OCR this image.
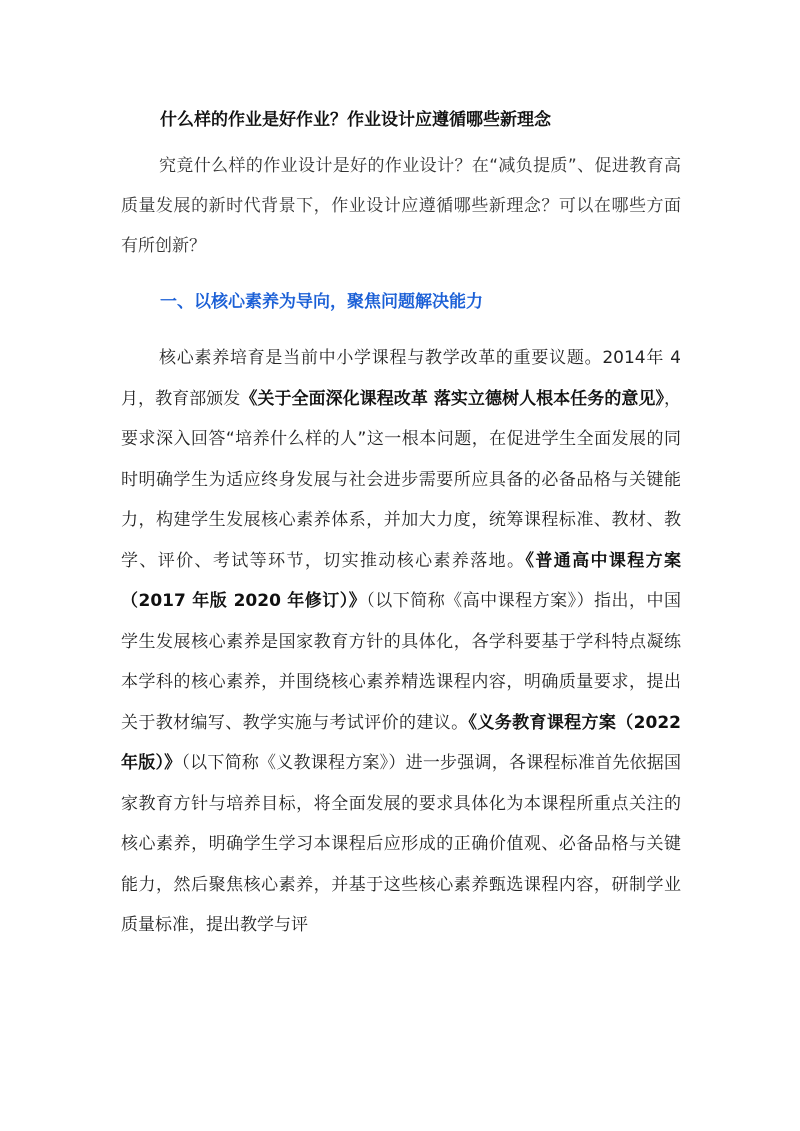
什么样的作业是好作业？作业设计应遵循哪些新理念

究竟什么样的作业设计是好的作业设计？在“减负提质”、促进教育高质量发展的新时代背景下，作业设计应遵循哪些新理念？可以在哪些方面有所创新？

一、以核心素养为导向，聚焦问题解决能力

核心素养培育是当前中小学课程与教学改革的重要议题。2014年 4 月，教育部颁发《关于全面深化课程改革 落实立德树人根本任务的意见》，要求深入回答“培养什么样的人”这一根本问题，在促进学生全面发展的同时明确学生为适应终身发展与社会进步需要所应具备的必备品格与关键能力，构建学生发展核心素养体系，并加大力度，统筹课程标准、教材、教学、评价、考试等环节，切实推动核心素养落地。《普通高中课程方案（2017 年版 2020 年修订）》（以下简称《高中课程方案》）指出，中国学生发展核心素养是国家教育方针的具体化，各学科要基于学科特点凝练本学科的核心素养，并围绕核心素养精选课程内容，明确质量要求，提出关于教材编写、教学实施与考试评价的建议。《义务教育课程方案（2022 年版）》（以下简称《义教课程方案》）进一步强调，各课程标准首先依据国家教育方针与培养目标，将全面发展的要求具体化为本课程所重点关注的核心素养，明确学生学习本课程后应形成的正确价值观、必备品格与关键能力，然后聚焦核心素养，并基于这些核心素养甄选课程内容，研制学业质量标准，提出教学与评
